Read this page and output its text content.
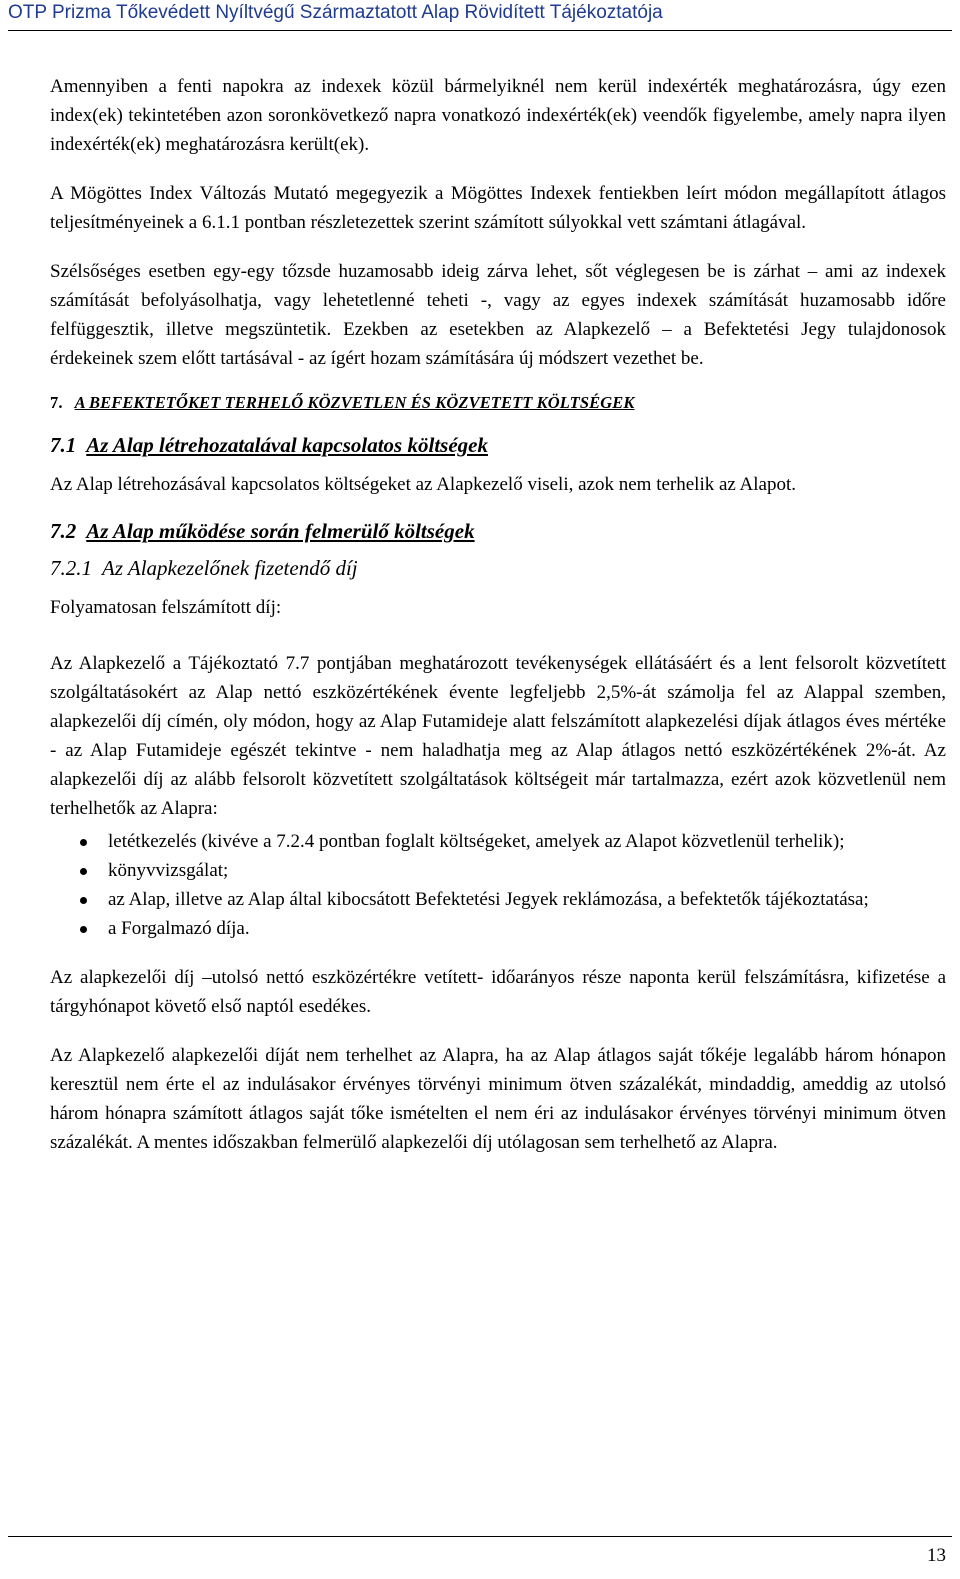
OTP Prizma Tőkevédett Nyíltvégű Származtatott Alap Rövidített Tájékoztatója

Amennyiben a fenti napokra az indexek közül bármelyiknél nem kerül indexérték meghatározásra, úgy ezen index(ek) tekintetében azon soronkövetkező napra vonatkozó indexérték(ek) veendők figyelembe, amely napra ilyen indexérték(ek) meghatározásra került(ek).

A Mögöttes Index Változás Mutató megegyezik a Mögöttes Indexek fentiekben leírt módon megállapított átlagos teljesítményeinek a 6.1.1 pontban részletezettek szerint számított súlyokkal vett számtani átlagával.

Szélsőséges esetben egy-egy tőzsde huzamosabb ideig zárva lehet, sőt véglegesen be is zárhat – ami az indexek számítását befolyásolhatja, vagy lehetetlenné teheti -, vagy az egyes indexek számítását huzamosabb időre felfüggesztik, illetve megszüntetik. Ezekben az esetekben az Alapkezelő – a Befektetési Jegy tulajdonosok érdekeinek szem előtt tartásával - az ígért hozam számítására új módszert vezethet be.

7. A BEFEKTETŐKET TERHELŐ KÖZVETLEN ÉS KÖZVETETT KÖLTSÉGEK
7.1 Az Alap létrehozatalával kapcsolatos költségek

Az Alap létrehozásával kapcsolatos költségeket az Alapkezelő viseli, azok nem terhelik az Alapot.

7.2 Az Alap működése során felmerülő költségek
7.2.1 Az Alapkezelőnek fizetendő díj
Folyamatosan felszámított díj:

Az Alapkezelő a Tájékoztató 7.7 pontjában meghatározott tevékenységek ellátásáért és a lent felsorolt közvetített szolgáltatásokért az Alap nettó eszközértékének évente legfeljebb 2,5%-át számolja fel az Alappal szemben, alapkezelői díj címén, oly módon, hogy az Alap Futamideje alatt felszámított alapkezelési díjak átlagos éves mértéke - az Alap Futamideje egészét tekintve - nem haladhatja meg az Alap átlagos nettó eszközértékének 2%-át. Az alapkezelői díj az alább felsorolt közvetített szolgáltatások költségeit már tartalmazza, ezért azok közvetlenül nem terhelhetők az Alapra:

letétkezelés (kivéve a 7.2.4 pontban foglalt költségeket, amelyek az Alapot közvetlenül terhelik);
könyvvizsgálat;
az Alap, illetve az Alap által kibocsátott Befektetési Jegyek reklámozása, a befektetők tájékoztatása;
a Forgalmazó díja.

Az alapkezelői díj –utolsó nettó eszközértékre vetített- időarányos része naponta kerül felszámításra, kifizetése a tárgyhónapot követő első naptól esedékes.

Az Alapkezelő alapkezelői díját nem terhelhet az Alapra, ha az Alap átlagos saját tőkéje legalább három hónapon keresztül nem érte el az indulásakor érvényes törvényi minimum ötven százalékát, mindaddig, ameddig az utolsó három hónapra számított átlagos saját tőke ismételten el nem éri az indulásakor érvényes törvényi minimum ötven százalékát. A mentes időszakban felmerülő alapkezelői díj utólagosan sem terhelhető az Alapra.

13
